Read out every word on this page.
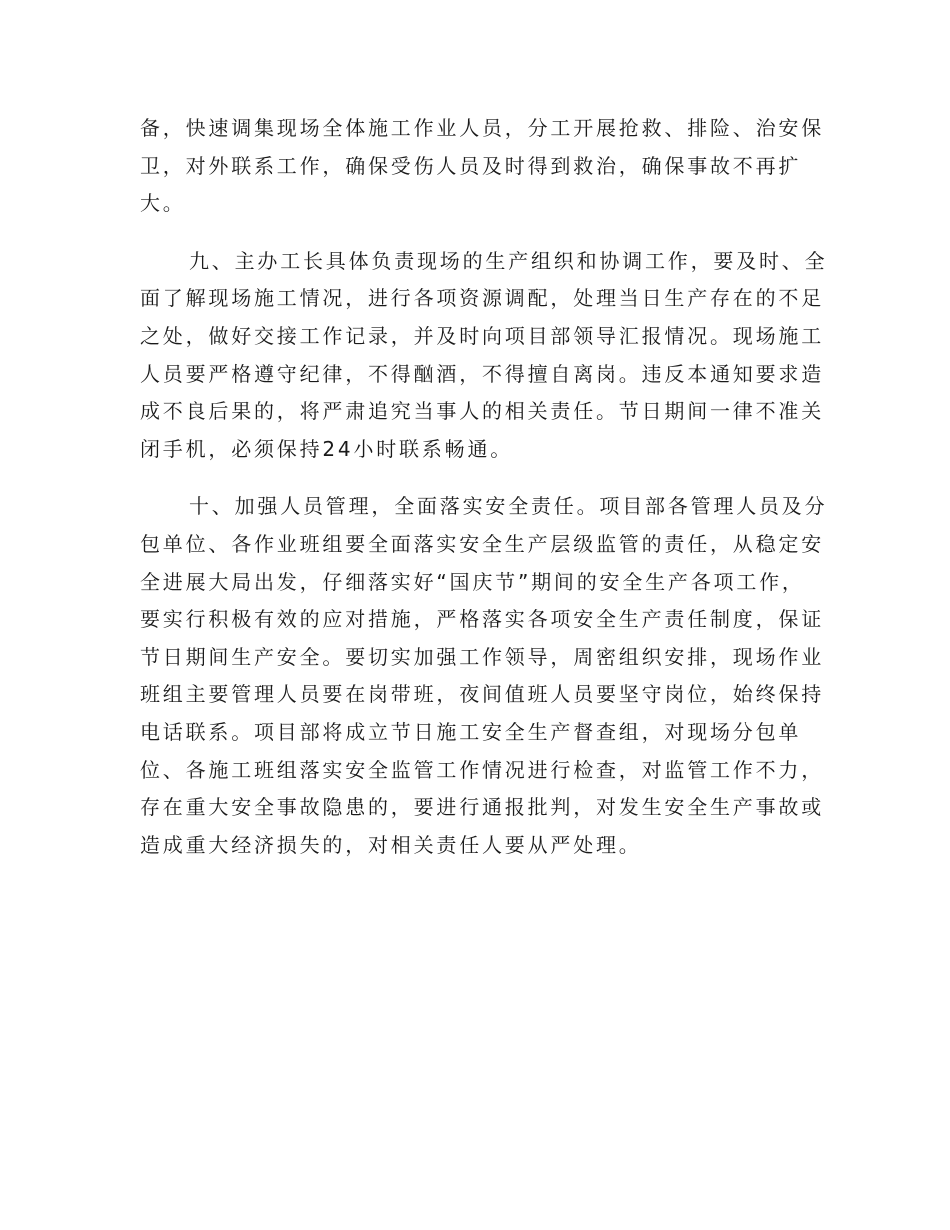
备，快速调集现场全体施工作业人员，分工开展抢救、排险、治安保
卫，对外联系工作，确保受伤人员及时得到救治，确保事故不再扩
大。

九、主办工长具体负责现场的生产组织和协调工作，要及时、全
面了解现场施工情况，进行各项资源调配，处理当日生产存在的不足
之处，做好交接工作记录，并及时向项目部领导汇报情况。现场施工
人员要严格遵守纪律，不得酗酒，不得擅自离岗。违反本通知要求造
成不良后果的，将严肃追究当事人的相关责任。节日期间一律不准关
闭手机，必须保持24小时联系畅通。

十、加强人员管理，全面落实安全责任。项目部各管理人员及分
包单位、各作业班组要全面落实安全生产层级监管的责任，从稳定安
全进展大局出发，仔细落实好“国庆节”期间的安全生产各项工作，
要实行积极有效的应对措施，严格落实各项安全生产责任制度，保证
节日期间生产安全。要切实加强工作领导，周密组织安排，现场作业
班组主要管理人员要在岗带班，夜间值班人员要坚守岗位，始终保持
电话联系。项目部将成立节日施工安全生产督查组，对现场分包单
位、各施工班组落实安全监管工作情况进行检查，对监管工作不力，
存在重大安全事故隐患的，要进行通报批判，对发生安全生产事故或
造成重大经济损失的，对相关责任人要从严处理。
